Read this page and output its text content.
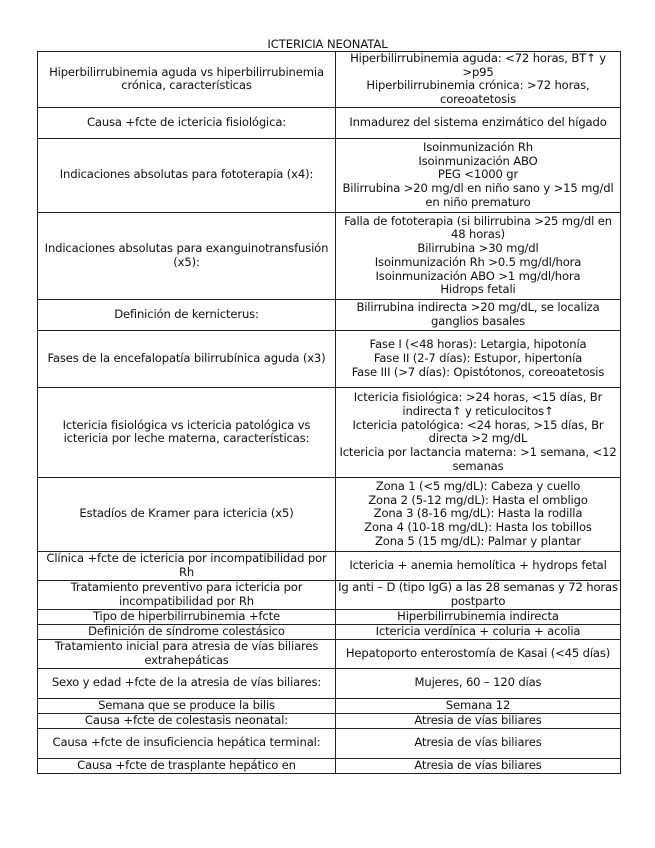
ICTERICIA NEONATAL
Hiperbilirrubinemia aguda vs hiperbilirrubinemia crónica, características	Hiperbilirrubinemia aguda: <72 horas, BT↑ y >p95
Hiperbilirrubinemia crónica: >72 horas, coreoatetosis

Causa +fcte de ictericia fisiológica:	Inmadurez del sistema enzimático del hígado

Indicaciones absolutas para fototerapia (x4):	Isoinmunización Rh
Isoinmunización ABO
PEG <1000 gr
Bilirrubina >20 mg/dl en niño sano y >15 mg/dl en niño prematuro

Indicaciones absolutas para exanguinotransfusión (x5):	Falla de fototerapia (si bilirrubina >25 mg/dl en 48 horas)
Bilirrubina >30 mg/dl
Isoinmunización Rh >0.5 mg/dl/hora
Isoinmunización ABO >1 mg/dl/hora
Hidrops fetali

Definición de kernicterus:	Bilirrubina indirecta >20 mg/dL, se localiza ganglios basales

Fases de la encefalopatía bilirrubínica aguda (x3)	Fase I (<48 horas): Letargia, hipotonía
Fase II (2-7 días): Estupor, hipertonía
Fase III (>7 días): Opistótonos, coreoatetosis

Ictericia fisiológica vs ictericia patológica vs ictericia por leche materna, características:	Ictericia fisiológica: >24 horas, <15 días, Br indirecta↑ y reticulocitos↑
Ictericia patológica: <24 horas, >15 días, Br directa >2 mg/dL
Ictericia por lactancia materna: >1 semana, <12 semanas

Estadíos de Kramer para ictericia (x5)	Zona 1 (<5 mg/dL): Cabeza y cuello
Zona 2 (5-12 mg/dL): Hasta el ombligo
Zona 3 (8-16 mg/dL): Hasta la rodilla
Zona 4 (10-18 mg/dL): Hasta los tobillos
Zona 5 (15 mg/dL): Palmar y plantar

Clínica +fcte de ictericia por incompatibilidad por Rh	Ictericia + anemia hemolítica + hydrops fetal

Tratamiento preventivo para ictericia por incompatibilidad por Rh	Ig anti – D (tipo IgG) a las 28 semanas y 72 horas postparto

Tipo de hiperbilirrubinemia +fcte	Hiperbilirrubinemia indirecta

Definición de síndrome colestásico	Ictericia verdínica + coluria + acolia

Tratamiento inicial para atresia de vías biliares extrahepáticas	Hepatoporto enterostomía de Kasai (<45 días)

Sexo y edad +fcte de la atresia de vías biliares:	Mujeres, 60 – 120 días

Semana que se produce la bilis	Semana 12

Causa +fcte de colestasis neonatal:	Atresia de vías biliares

Causa +fcte de insuficiencia hepática terminal:	Atresia de vías biliares

Causa +fcte de trasplante hepático en	Atresia de vías biliares
